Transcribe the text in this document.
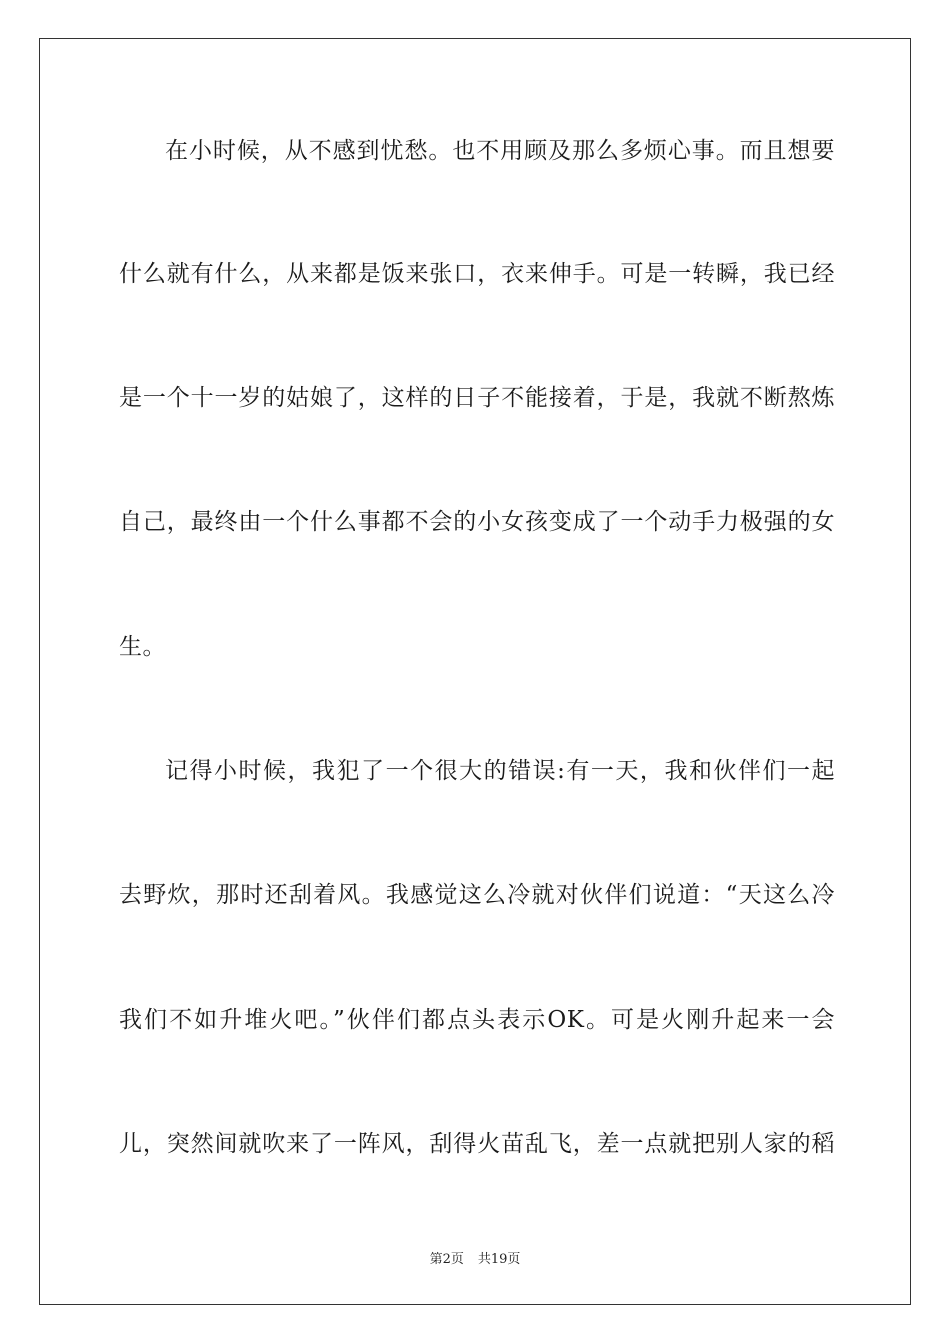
在小时候，从不感到忧愁。也不用顾及那么多烦心事。而且想要
什么就有什么，从来都是饭来张口，衣来伸手。可是一转瞬，我已经
是一个十一岁的姑娘了，这样的日子不能接着，于是，我就不断熬炼
自己，最终由一个什么事都不会的小女孩变成了一个动手力极强的女
生。
记得小时候，我犯了一个很大的错误:有一天，我和伙伴们一起
去野炊，那时还刮着风。我感觉这么冷就对伙伴们说道：“天这么冷
我们不如升堆火吧。”伙伴们都点头表示OK。可是火刚升起来一会
儿，突然间就吹来了一阵风，刮得火苗乱飞，差一点就把别人家的稻
第2页 共19页
